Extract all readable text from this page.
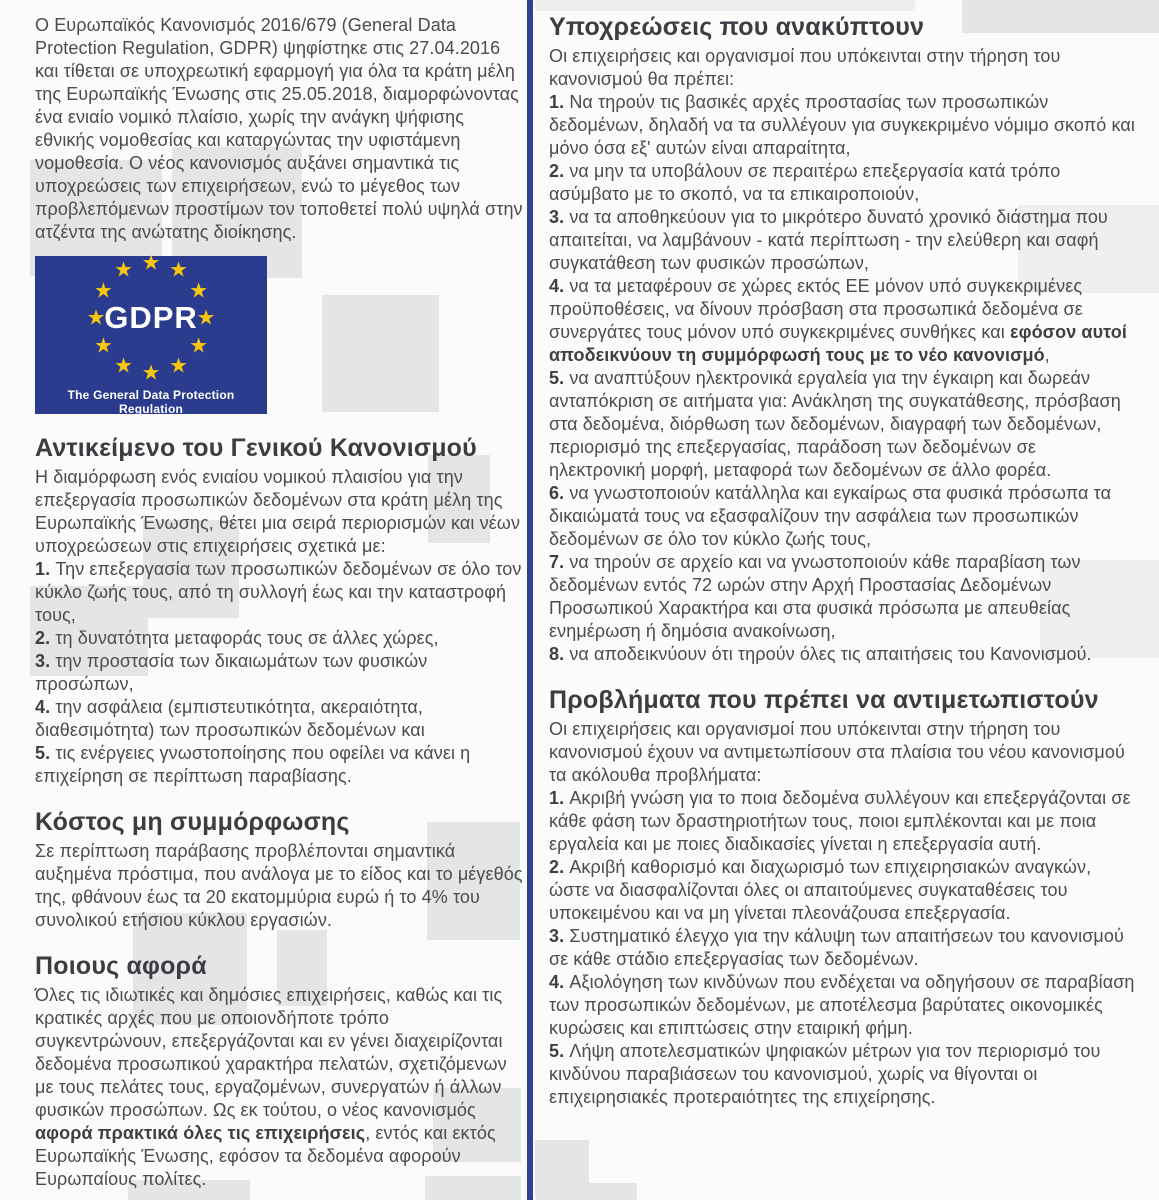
Ο Ευρωπαϊκός Κανονισμός 2016/679 (General Data Protection Regulation, GDPR) ψηφίστηκε στις 27.04.2016 και τίθεται σε υποχρεωτική εφαρμογή για όλα τα κράτη μέλη της Ευρωπαϊκής Ένωσης στις 25.05.2018, διαμορφώνοντας ένα ενιαίο νομικό πλαίσιο, χωρίς την ανάγκη ψήφισης εθνικής νομοθεσίας και καταργώντας την υφιστάμενη νομοθεσία. Ο νέος κανονισμός αυξάνει σημαντικά τις υποχρεώσεις των επιχειρήσεων, ενώ το μέγεθος των προβλεπόμενων προστίμων τον τοποθετεί πολύ υψηλά στην ατζέντα της ανώτατης διοίκησης.

★ ★
★
★
★
★
★
★
★
★
★
★
GDPR
The General Data Protection Regulation
Αντικείμενο του Γενικού Κανονισμού

Η διαμόρφωση ενός ενιαίου νομικού πλαισίου για την επεξεργασία προσωπικών δεδομένων στα κράτη μέλη της Ευρωπαϊκής Ένωσης, θέτει μια σειρά περιορισμών και νέων υποχρεώσεων στις επιχειρήσεις σχετικά με:

1. Την επεξεργασία των προσωπικών δεδομένων σε όλο τον κύκλο ζωής τους, από τη συλλογή έως και την καταστροφή τους,
2. τη δυνατότητα μεταφοράς τους σε άλλες χώρες,
3. την προστασία των δικαιωμάτων των φυσικών προσώπων,
4. την ασφάλεια (εμπιστευτικότητα, ακεραιότητα, διαθεσιμότητα) των προσωπικών δεδομένων και
5. τις ενέργειες γνωστοποίησης που οφείλει να κάνει η επιχείρηση σε περίπτωση παραβίασης.
Κόστος μη συμμόρφωσης

Σε περίπτωση παράβασης προβλέπονται σημαντικά αυξημένα πρόστιμα, που ανάλογα με το είδος και το μέγεθός της, φθάνουν έως τα 20 εκατομμύρια ευρώ ή το 4% του συνολικού ετήσιου κύκλου εργασιών.

Ποιους αφορά

Όλες τις ιδιωτικές και δημόσιες επιχειρήσεις, καθώς και τις κρατικές αρχές που με οποιονδήποτε τρόπο συγκεντρώνουν, επεξεργάζονται και εν γένει διαχειρίζονται δεδομένα προσωπικού χαρακτήρα πελατών, σχετιζόμενων με τους πελάτες τους, εργαζομένων, συνεργατών ή άλλων φυσικών προσώπων. Ως εκ τούτου, ο νέος κανονισμός αφορά πρακτικά όλες τις επιχειρήσεις, εντός και εκτός Ευρωπαϊκής Ένωσης, εφόσον τα δεδομένα αφορούν Ευρωπαίους πολίτες.

Υποχρεώσεις που ανακύπτουν

Οι επιχειρήσεις και οργανισμοί που υπόκεινται στην τήρηση του κανονισμού θα πρέπει:

1. Να τηρούν τις βασικές αρχές προστασίας των προσωπικών δεδομένων, δηλαδή να τα συλλέγουν για συγκεκριμένο νόμιμο σκοπό και μόνο όσα εξ' αυτών είναι απαραίτητα,
2. να μην τα υποβάλουν σε περαιτέρω επεξεργασία κατά τρόπο ασύμβατο με το σκοπό, να τα επικαιροποιούν,
3. να τα αποθηκεύουν για το μικρότερο δυνατό χρονικό διάστημα που απαιτείται, να λαμβάνουν - κατά περίπτωση - την ελεύθερη και σαφή συγκατάθεση των φυσικών προσώπων,
4. να τα μεταφέρουν σε χώρες εκτός ΕΕ μόνον υπό συγκεκριμένες προϋποθέσεις, να δίνουν πρόσβαση στα προσωπικά δεδομένα σε συνεργάτες τους μόνον υπό συγκεκριμένες συνθήκες και εφόσον αυτοί αποδεικνύουν τη συμμόρφωσή τους με το νέο κανονισμό,
5. να αναπτύξουν ηλεκτρονικά εργαλεία για την έγκαιρη και δωρεάν ανταπόκριση σε αιτήματα για: Ανάκληση της συγκατάθεσης, πρόσβαση στα δεδομένα, διόρθωση των δεδομένων, διαγραφή των δεδομένων, περιορισμό της επεξεργασίας, παράδοση των δεδομένων σε ηλεκτρονική μορφή, μεταφορά των δεδομένων σε άλλο φορέα.
6. να γνωστοποιούν κατάλληλα και εγκαίρως στα φυσικά πρόσωπα τα δικαιώματά τους να εξασφαλίζουν την ασφάλεια των προσωπικών δεδομένων σε όλο τον κύκλο ζωής τους,
7. να τηρούν σε αρχείο και να γνωστοποιούν κάθε παραβίαση των δεδομένων εντός 72 ωρών στην Αρχή Προστασίας Δεδομένων Προσωπικού Χαρακτήρα και στα φυσικά πρόσωπα με απευθείας ενημέρωση ή δημόσια ανακοίνωση,
8. να αποδεικνύουν ότι τηρούν όλες τις απαιτήσεις του Κανονισμού.
Προβλήματα που πρέπει να αντιμετωπιστούν

Οι επιχειρήσεις και οργανισμοί που υπόκεινται στην τήρηση του κανονισμού έχουν να αντιμετωπίσουν στα πλαίσια του νέου κανονισμού τα ακόλουθα προβλήματα:

1. Ακριβή γνώση για το ποια δεδομένα συλλέγουν και επεξεργάζονται σε κάθε φάση των δραστηριοτήτων τους, ποιοι εμπλέκονται και με ποια εργαλεία και με ποιες διαδικασίες γίνεται η επεξεργασία αυτή.
2. Ακριβή καθορισμό και διαχωρισμό των επιχειρησιακών αναγκών, ώστε να διασφαλίζονται όλες οι απαιτούμενες συγκαταθέσεις του υποκειμένου και να μη γίνεται πλεονάζουσα επεξεργασία.
3. Συστηματικό έλεγχο για την κάλυψη των απαιτήσεων του κανονισμού σε κάθε στάδιο επεξεργασίας των δεδομένων.
4. Αξιολόγηση των κινδύνων που ενδέχεται να οδηγήσουν σε παραβίαση των προσωπικών δεδομένων, με αποτέλεσμα βαρύτατες οικονομικές κυρώσεις και επιπτώσεις στην εταιρική φήμη.
5. Λήψη αποτελεσματικών ψηφιακών μέτρων για τον περιορισμό του κινδύνου παραβιάσεων του κανονισμού, χωρίς να θίγονται οι επιχειρησιακές προτεραιότητες της επιχείρησης.
